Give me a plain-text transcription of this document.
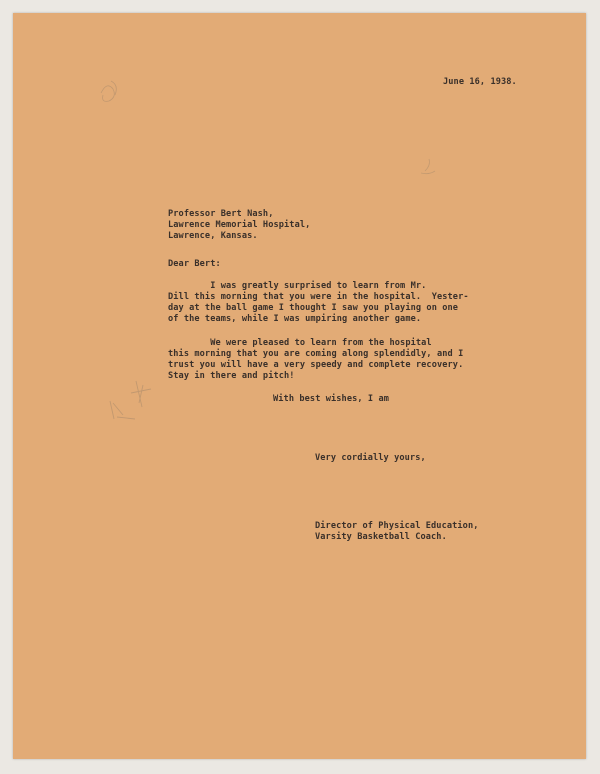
June 16, 1938.
Professor Bert Nash,
Lawrence Memorial Hospital,
Lawrence, Kansas.
Dear Bert:
I was greatly surprised to learn from Mr.
Dill this morning that you were in the hospital.  Yester-
day at the ball game I thought I saw you playing on one
of the teams, while I was umpiring another game.
We were pleased to learn from the hospital
this morning that you are coming along splendidly, and I
trust you will have a very speedy and complete recovery.
Stay in there and pitch!
With best wishes, I am
Very cordially yours,
Director of Physical Education,
Varsity Basketball Coach.
